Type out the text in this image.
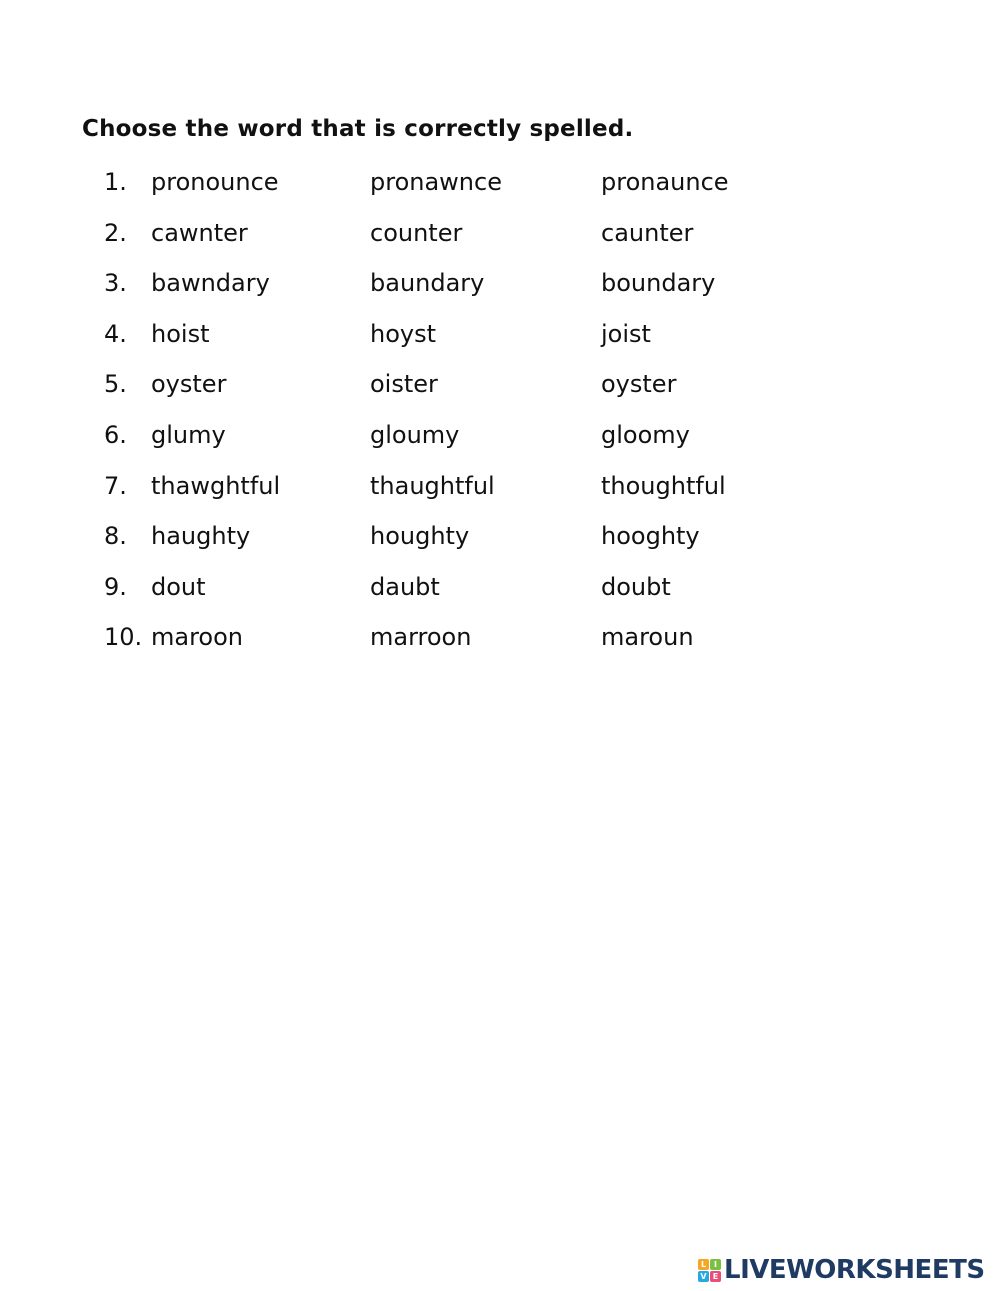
Choose the word that is correctly spelled.
1. pronounce	pronawnce	pronaunce
2. cawnter	counter	caunter
3. bawndary	baundary	boundary
4. hoist	hoyst	joist
5. oyster	oister	oyster
6. glumy	gloumy	gloomy
7. thawghtful	thaughtful	thoughtful
8. haughty	houghty	hooghty
9. dout	daubt	doubt
10. maroon	marroon	maroun
L I
V E LIVEWORKSHEETS
